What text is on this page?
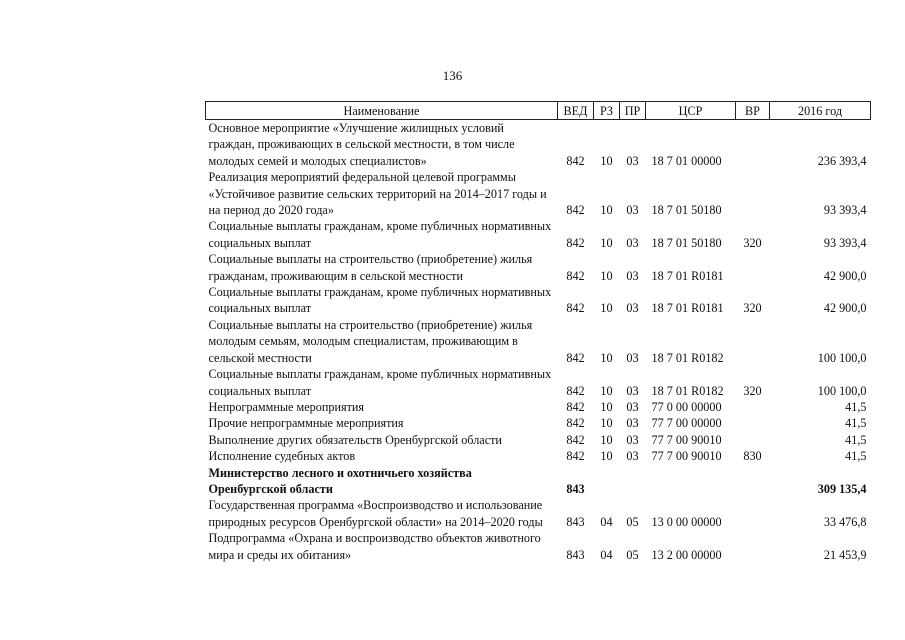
136
Наименование	ВЕД	РЗ	ПР	ЦСР	ВР	2016 год
Основное мероприятие «Улучшение жилищных условий граждан, проживающих в сельской местности, в том числе молодых семей и молодых специалистов»	842	10	03	18 7 01 00000		236 393,4
Реализация мероприятий федеральной целевой программы «Устойчивое развитие сельских территорий на 2014–2017 годы и на период до 2020 года»	842	10	03	18 7 01 50180		93 393,4
Социальные выплаты гражданам, кроме публичных нормативных социальных выплат	842	10	03	18 7 01 50180	320	93 393,4
Социальные выплаты на строительство (приобретение) жилья гражданам, проживающим в сельской местности	842	10	03	18 7 01 R0181		42 900,0
Социальные выплаты гражданам, кроме публичных нормативных социальных выплат	842	10	03	18 7 01 R0181	320	42 900,0
Социальные выплаты на строительство (приобретение) жилья молодым семьям, молодым специалистам, проживающим в сельской местности	842	10	03	18 7 01 R0182		100 100,0
Социальные выплаты гражданам, кроме публичных нормативных социальных выплат	842	10	03	18 7 01 R0182	320	100 100,0
Непрограммные мероприятия	842	10	03	77 0 00 00000		41,5
Прочие непрограммные мероприятия	842	10	03	77 7 00 00000		41,5
Выполнение других обязательств Оренбургской области	842	10	03	77 7 00 90010		41,5
Исполнение судебных актов	842	10	03	77 7 00 90010	830	41,5
Министерство лесного и охотничьего хозяйства Оренбургской области	843					309 135,4
Государственная программа «Воспроизводство и использование природных ресурсов Оренбургской области» на 2014–2020 годы	843	04	05	13 0 00 00000		33 476,8
Подпрограмма «Охрана и воспроизводство объектов животного мира и среды их обитания»	843	04	05	13 2 00 00000		21 453,9
